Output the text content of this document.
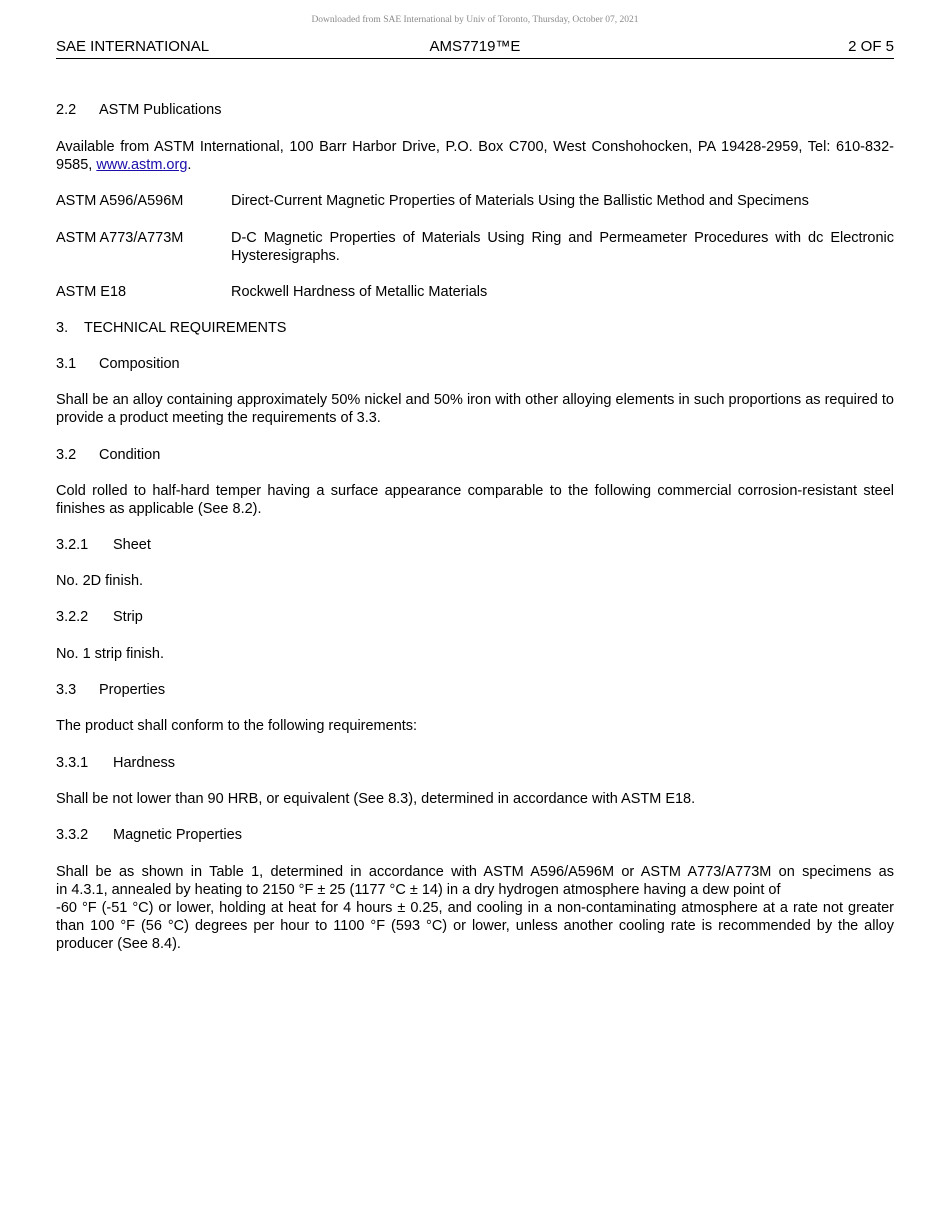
Downloaded from SAE International by Univ of Toronto, Thursday, October 07, 2021
SAE INTERNATIONAL	AMS7719™E	2 OF 5
2.2 ASTM Publications
Available from ASTM International, 100 Barr Harbor Drive, P.O. Box C700, West Conshohocken, PA 19428-2959, Tel: 610-832-9585, www.astm.org.
ASTM A596/A596M	Direct-Current Magnetic Properties of Materials Using the Ballistic Method and Specimens
ASTM A773/A773M	D-C Magnetic Properties of Materials Using Ring and Permeameter Procedures with dc Electronic Hysteresigraphs.
ASTM E18	Rockwell Hardness of Metallic Materials
3. TECHNICAL REQUIREMENTS
3.1 Composition
Shall be an alloy containing approximately 50% nickel and 50% iron with other alloying elements in such proportions as required to provide a product meeting the requirements of 3.3.
3.2 Condition
Cold rolled to half-hard temper having a surface appearance comparable to the following commercial corrosion-resistant steel finishes as applicable (See 8.2).
3.2.1 Sheet
No. 2D finish.
3.2.2 Strip
No. 1 strip finish.
3.3 Properties
The product shall conform to the following requirements:
3.3.1 Hardness
Shall be not lower than 90 HRB, or equivalent (See 8.3), determined in accordance with ASTM E18.
3.3.2 Magnetic Properties
Shall be as shown in Table 1, determined in accordance with ASTM A596/A596M or ASTM A773/A773M on specimens as
in 4.3.1, annealed by heating to 2150 °F ± 25 (1177 °C ± 14) in a dry hydrogen atmosphere having a dew point of
-60 °F (-51 °C) or lower, holding at heat for 4 hours ± 0.25, and cooling in a non-contaminating atmosphere at a rate not greater than 100 °F (56 °C) degrees per hour to 1100 °F (593 °C) or lower, unless another cooling rate is recommended by the alloy producer (See 8.4).
